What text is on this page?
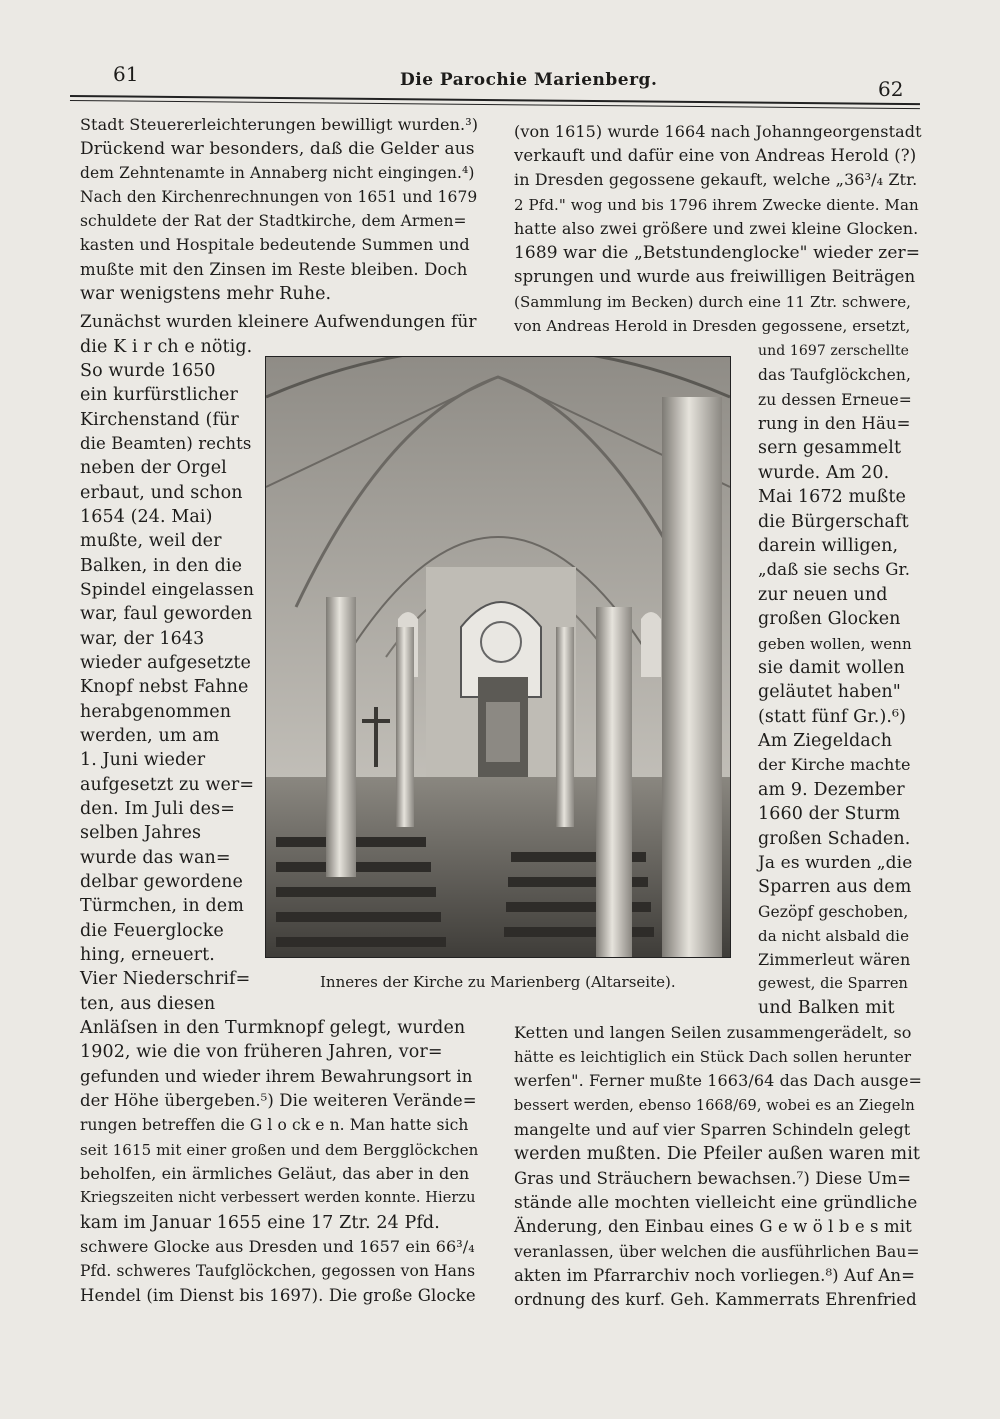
61	Die Parochie Marienberg.	62
Stadt Steuererleichterungen bewilligt wurden.³)
Drückend war besonders, daß die Gelder aus
dem Zehntenamte in Annaberg nicht eingingen.⁴)
Nach den Kirchenrechnungen von 1651 und 1679
schuldete der Rat der Stadtkirche, dem Armen=
kasten und Hospitale bedeutende Summen und
mußte mit den Zinsen im Reste bleiben. Doch
war wenigstens mehr Ruhe.
Zunächst wurden kleinere Aufwendungen für
die K i r ch e nötig.
So wurde 1650
ein kurfürstlicher
Kirchenstand (für
die Beamten) rechts
neben der Orgel
erbaut, und schon
1654 (24. Mai)
mußte, weil der
Balken, in den die
Spindel eingelassen
war, faul geworden
war, der 1643
wieder aufgesetzte
Knopf nebst Fahne
herabgenommen
werden, um am
1. Juni wieder
aufgesetzt zu wer=
den. Im Juli des=
selben Jahres
wurde das wan=
delbar gewordene
Türmchen, in dem
die Feuerglocke
hing, erneuert.
Vier Niederschrif=
ten, aus diesen
Anläſsen in den Turmknopf gelegt, wurden
1902, wie die von früheren Jahren, vor=
gefunden und wieder ihrem Bewahrungsort in
der Höhe übergeben.⁵) Die weiteren Verände=
rungen betreffen die G l o ck e n. Man hatte sich
seit 1615 mit einer großen und dem Bergglöckchen
beholfen, ein ärmliches Geläut, das aber in den
Kriegszeiten nicht verbessert werden konnte. Hierzu
kam im Januar 1655 eine 17 Ztr. 24 Pfd.
schwere Glocke aus Dresden und 1657 ein 66³/₄
Pfd. schweres Taufglöckchen, gegossen von Hans
Hendel (im Dienst bis 1697). Die große Glocke
(von 1615) wurde 1664 nach Johanngeorgenstadt
verkauft und dafür eine von Andreas Herold (?)
in Dresden gegossene gekauft, welche „36³/₄ Ztr.
2 Pfd." wog und bis 1796 ihrem Zwecke diente. Man
hatte also zwei größere und zwei kleine Glocken.
1689 war die „Betstundenglocke" wieder zer=
sprungen und wurde aus freiwilligen Beiträgen
(Sammlung im Becken) durch eine 11 Ztr. schwere,
von Andreas Herold in Dresden gegossene, ersetzt,
und 1697 zerschellte
das Taufglöckchen,
zu dessen Erneue=
rung in den Häu=
sern gesammelt
wurde. Am 20.
Mai 1672 mußte
die Bürgerschaft
darein willigen,
„daß sie sechs Gr.
zur neuen und
großen Glocken
geben wollen, wenn
sie damit wollen
geläutet haben"
(statt fünf Gr.).⁶)
Am Ziegeldach
der Kirche machte
am 9. Dezember
1660 der Sturm
großen Schaden.
Ja es wurden „die
Sparren aus dem
Gezöpf geschoben,
da nicht alsbald die
Zimmerleut wären
gewest, die Sparren
und Balken mit
Ketten und langen Seilen zusammengerädelt, so
hätte es leichtiglich ein Stück Dach sollen herunter
werfen". Ferner mußte 1663/64 das Dach ausge=
bessert werden, ebenso 1668/69, wobei es an Ziegeln
mangelte und auf vier Sparren Schindeln gelegt
werden mußten. Die Pfeiler außen waren mit
Gras und Sträuchern bewachsen.⁷) Diese Um=
stände alle mochten vielleicht eine gründliche
Änderung, den Einbau eines G e w ö l b e s mit
veranlassen, über welchen die ausführlichen Bau=
akten im Pfarrarchiv noch vorliegen.⁸) Auf An=
ordnung des kurf. Geh. Kammerrats Ehrenfried
Inneres der Kirche zu Marienberg (Altarseite).
